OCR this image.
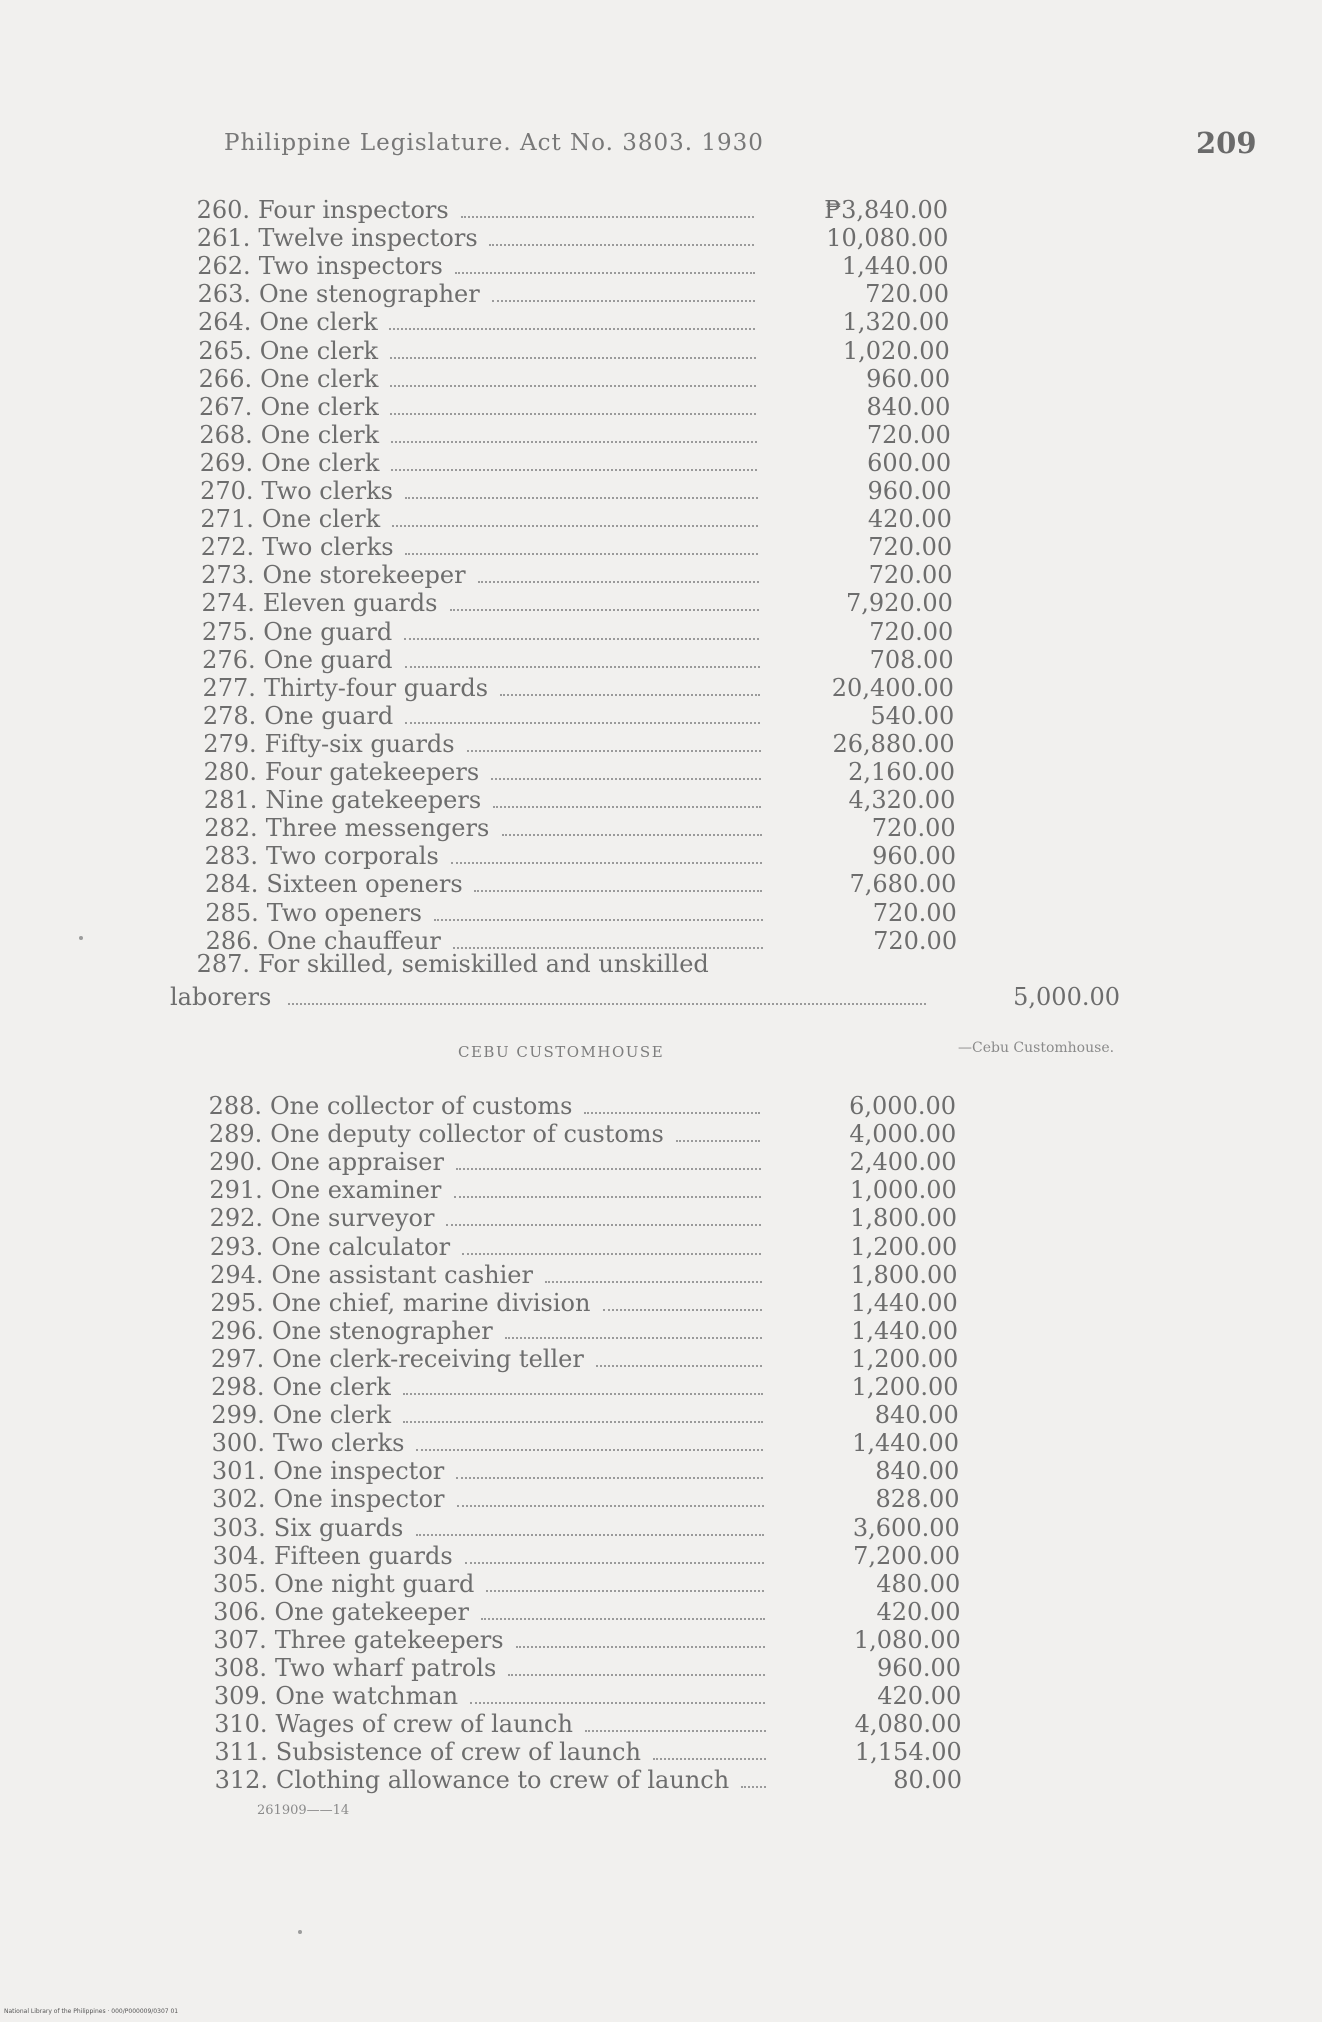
Philippine Legislature. Act No. 3803. 1930	209
260. Four inspectors	₱3,840.00
261. Twelve inspectors	10,080.00
262. Two inspectors	1,440.00
263. One stenographer	720.00
264. One clerk	1,320.00
265. One clerk	1,020.00
266. One clerk	960.00
267. One clerk	840.00
268. One clerk	720.00
269. One clerk	600.00
270. Two clerks	960.00
271. One clerk	420.00
272. Two clerks	720.00
273. One storekeeper	720.00
274. Eleven guards	7,920.00
275. One guard	720.00
276. One guard	708.00
277. Thirty-four guards	20,400.00
278. One guard	540.00
279. Fifty-six guards	26,880.00
280. Four gatekeepers	2,160.00
281. Nine gatekeepers	4,320.00
282. Three messengers	720.00
283. Two corporals	960.00
284. Sixteen openers	7,680.00
285. Two openers	720.00
286. One chauffeur	720.00
287. For skilled, semiskilled and unskilled
laborers	5,000.00
CEBU CUSTOMHOUSE	—Cebu Customhouse.
288. One collector of customs	6,000.00
289. One deputy collector of customs	4,000.00
290. One appraiser	2,400.00
291. One examiner	1,000.00
292. One surveyor	1,800.00
293. One calculator	1,200.00
294. One assistant cashier	1,800.00
295. One chief, marine division	1,440.00
296. One stenographer	1,440.00
297. One clerk-receiving teller	1,200.00
298. One clerk	1,200.00
299. One clerk	840.00
300. Two clerks	1,440.00
301. One inspector	840.00
302. One inspector	828.00
303. Six guards	3,600.00
304. Fifteen guards	7,200.00
305. One night guard	480.00
306. One gatekeeper	420.00
307. Three gatekeepers	1,080.00
308. Two wharf patrols	960.00
309. One watchman	420.00
310. Wages of crew of launch	4,080.00
311. Subsistence of crew of launch	1,154.00
312. Clothing allowance to crew of launch	80.00
261909——14
National Library of the Philippines · 000/P000009/0307 01
